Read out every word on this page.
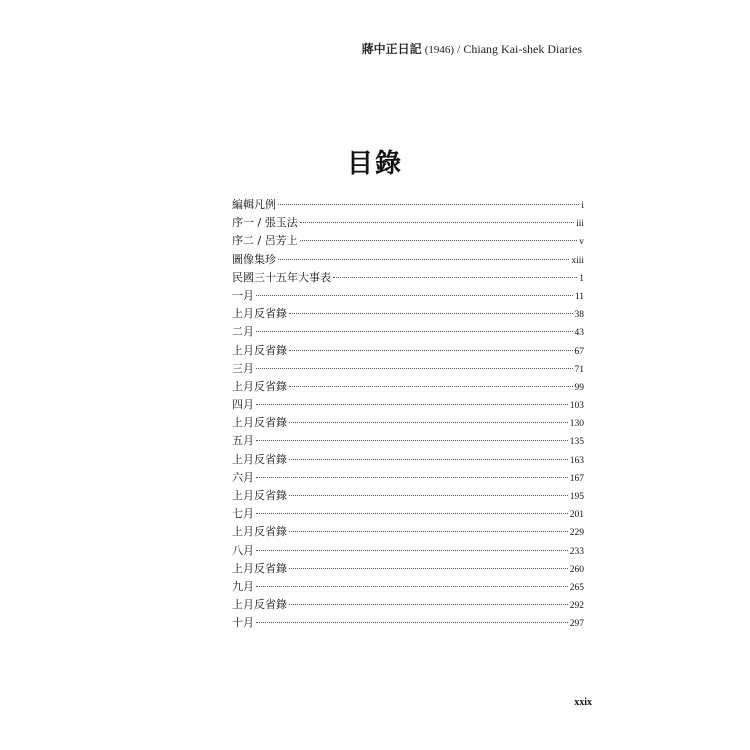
蔣中正日記 (1946) / Chiang Kai-shek Diaries
目錄
編輯凡例	i
序一 / 張玉法	iii
序二 / 呂芳上	v
圖像集珍	xiii
民國三十五年大事表	1
一月	11
上月反省錄	38
二月	43
上月反省錄	67
三月	71
上月反省錄	99
四月	103
上月反省錄	130
五月	135
上月反省錄	163
六月	167
上月反省錄	195
七月	201
上月反省錄	229
八月	233
上月反省錄	260
九月	265
上月反省錄	292
十月	297
xxix
